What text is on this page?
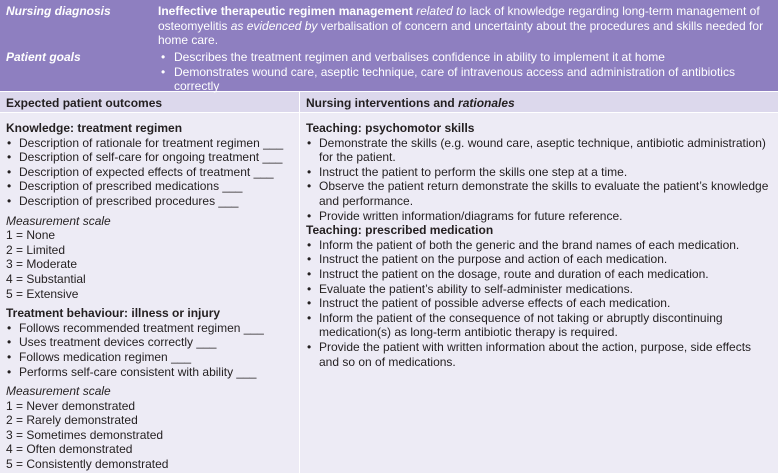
Nursing diagnosis	Ineffective therapeutic regimen management related to lack of knowledge regarding long-term management of osteomyelitis as evidenced by verbalisation of concern and uncertainty about the procedures and skills needed for home care.
Patient goals
•	Describes the treatment regimen and verbalises confidence in ability to implement it at home
• Demonstrates wound care, aseptic technique, care of intravenous access and administration of antibiotics correctly
Expected patient outcomes	Nursing interventions and rationales
Knowledge: treatment regimen
• Description of rationale for treatment regimen ___
• Description of self-care for ongoing treatment ___
• Description of expected effects of treatment ___
• Description of prescribed medications ___
• Description of prescribed procedures ___
Measurement scale
1 = None
2 = Limited
3 = Moderate
4 = Substantial
5 = Extensive
Treatment behaviour: illness or injury
• Follows recommended treatment regimen ___
• Uses treatment devices correctly ___
• Follows medication regimen ___
• Performs self-care consistent with ability ___
Measurement scale
1 = Never demonstrated
2 = Rarely demonstrated
3 = Sometimes demonstrated
4 = Often demonstrated
5 = Consistently demonstrated
Teaching: psychomotor skills
• Demonstrate the skills (e.g. wound care, aseptic technique, antibiotic administration) for the patient.
• Instruct the patient to perform the skills one step at a time.
• Observe the patient return demonstrate the skills to evaluate the patient’s knowledge and performance.
• Provide written information/diagrams for future reference.
Teaching: prescribed medication
• Inform the patient of both the generic and the brand names of each medication.
• Instruct the patient on the purpose and action of each medication.
• Instruct the patient on the dosage, route and duration of each medication.
• Evaluate the patient’s ability to self-administer medications.
• Instruct the patient of possible adverse effects of each medication.
• Inform the patient of the consequence of not taking or abruptly discontinuing medication(s) as long-term antibiotic therapy is required.
• Provide the patient with written information about the action, purpose, side effects and so on of medications.
